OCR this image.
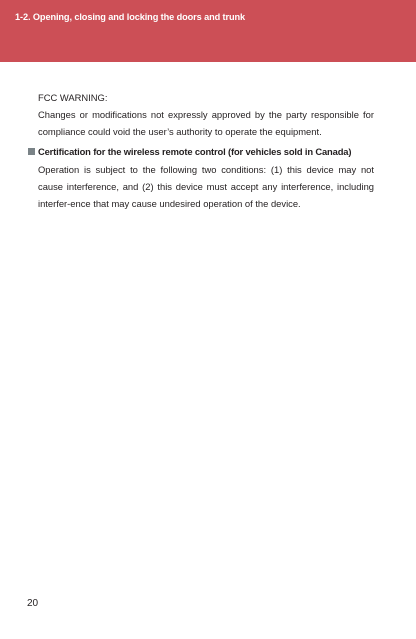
1-2. Opening, closing and locking the doors and trunk

FCC WARNING:

Changes or modifications not expressly approved by the party responsible for compliance could void the user’s authority to operate the equipment.

Certification for the wireless remote control (for vehicles sold in Canada)

Operation is subject to the following two conditions: (1) this device may not cause interference, and (2) this device must accept any interference, including interfer-ence that may cause undesired operation of the device.

20
